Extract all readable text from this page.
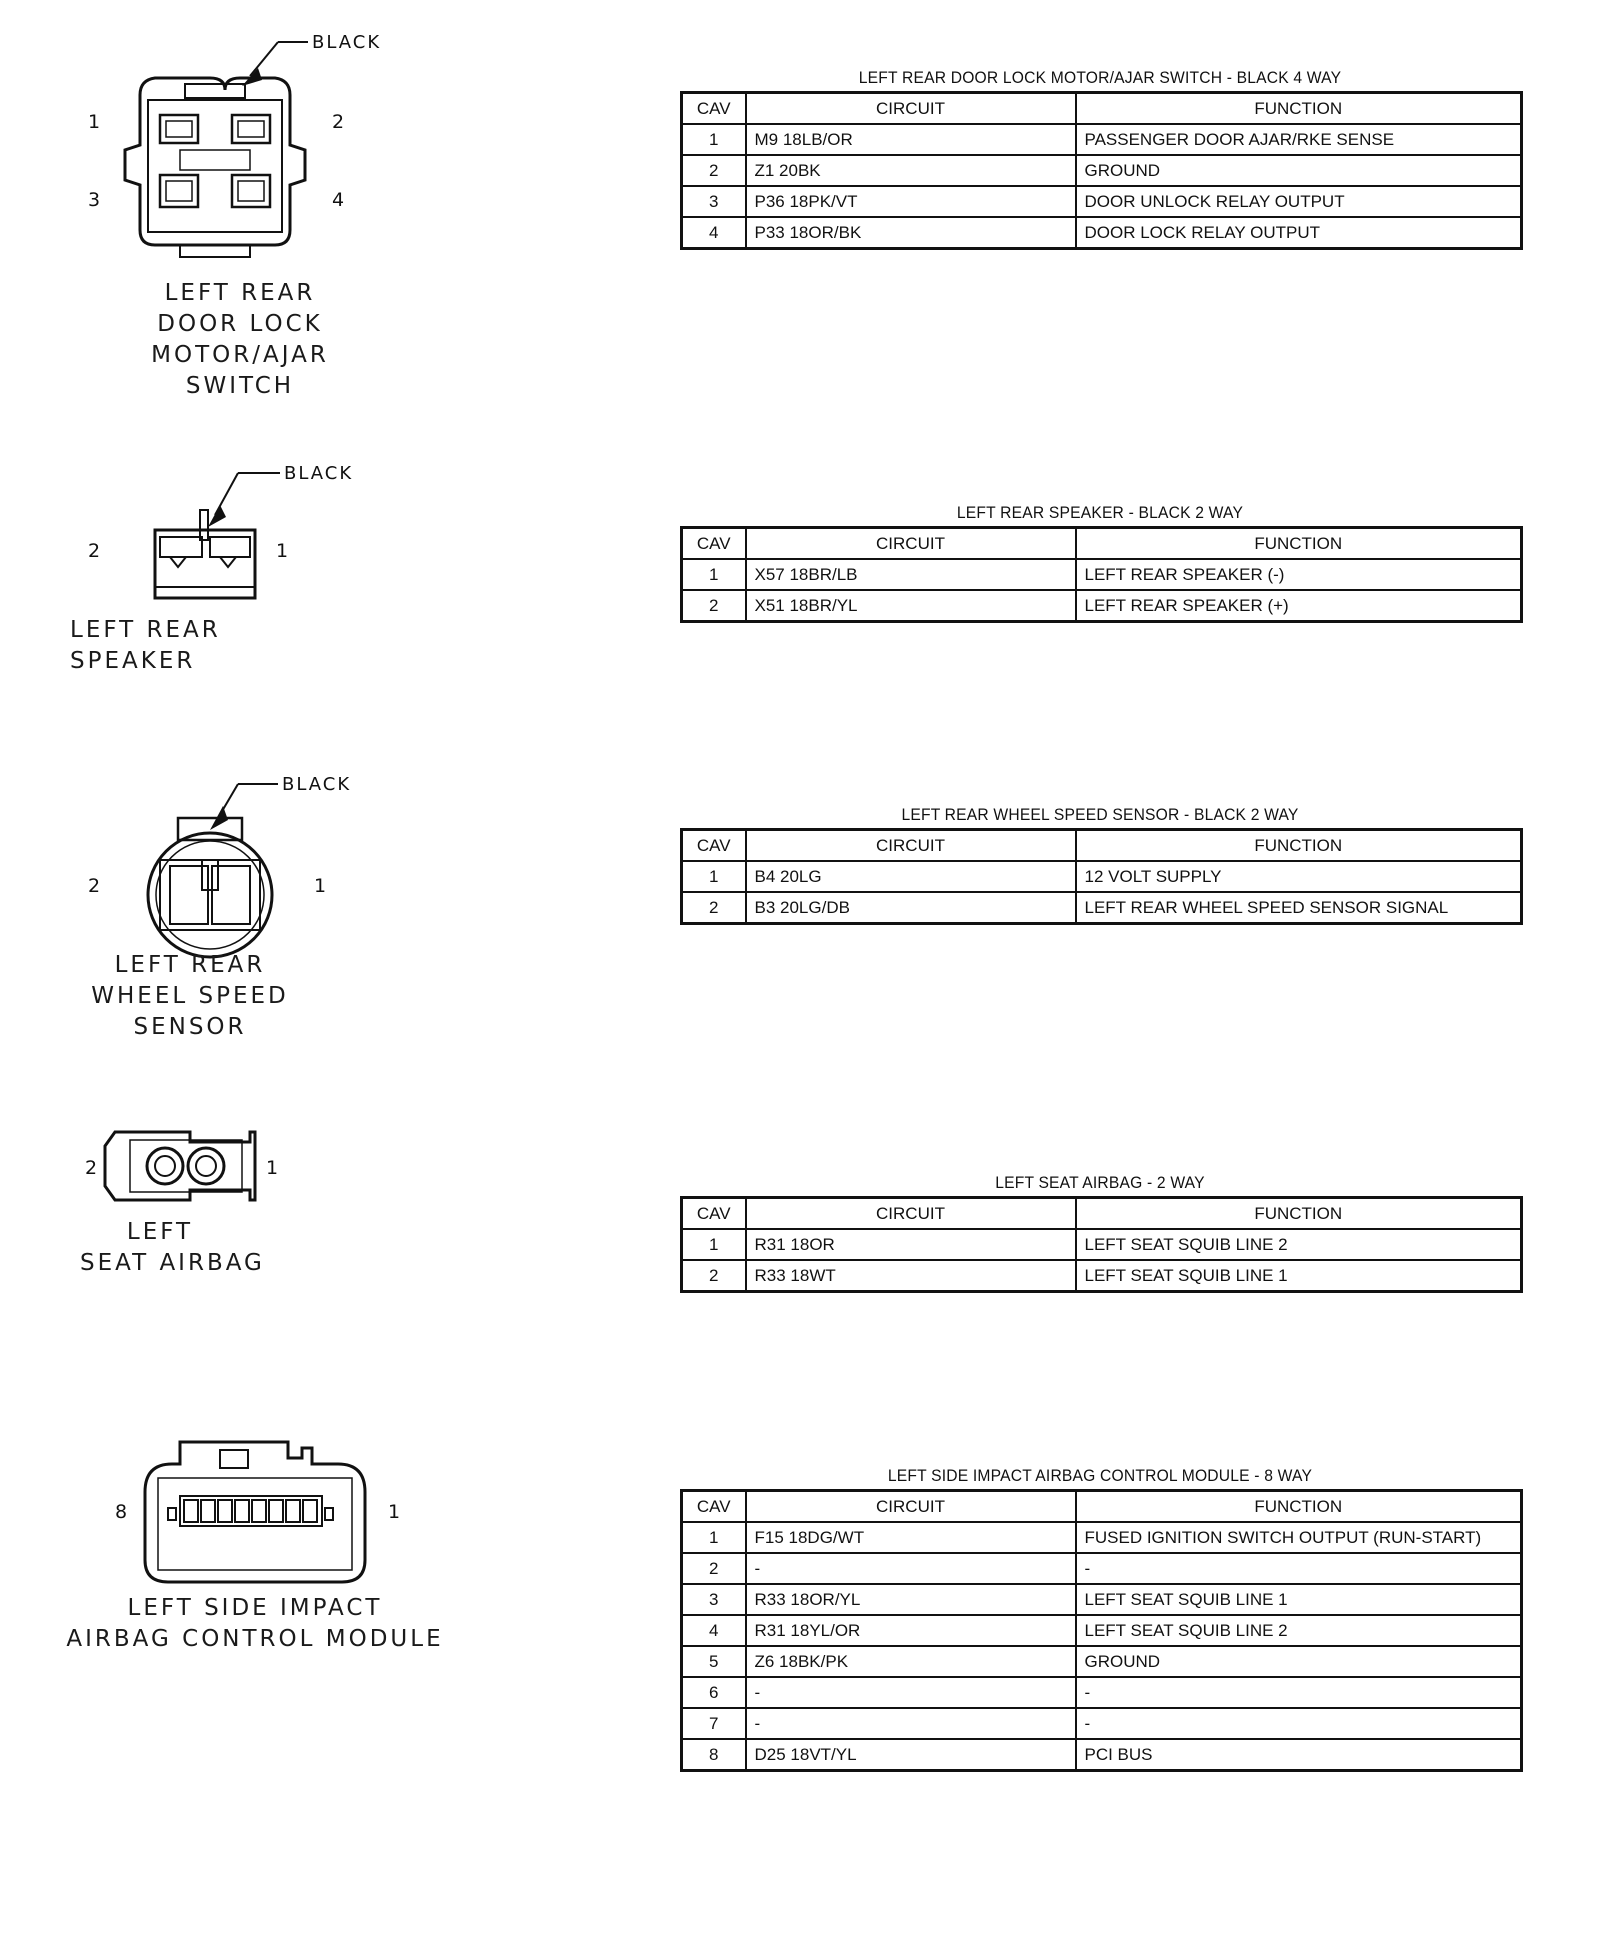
BLACK
1	2
3	4
LEFT REAR
DOOR LOCK
MOTOR/AJAR
SWITCH
LEFT REAR DOOR LOCK MOTOR/AJAR SWITCH - BLACK 4 WAY
CAV	CIRCUIT	FUNCTION
1	M9 18LB/OR	PASSENGER DOOR AJAR/RKE SENSE
2	Z1 20BK	GROUND
3	P36 18PK/VT	DOOR UNLOCK RELAY OUTPUT
4	P33 18OR/BK	DOOR LOCK RELAY OUTPUT
BLACK
2	1
LEFT REAR
SPEAKER
LEFT REAR SPEAKER - BLACK 2 WAY
CAV	CIRCUIT	FUNCTION
1	X57 18BR/LB	LEFT REAR SPEAKER (-)
2	X51 18BR/YL	LEFT REAR SPEAKER (+)
BLACK
2	1
LEFT REAR
WHEEL SPEED
SENSOR
LEFT REAR WHEEL SPEED SENSOR - BLACK 2 WAY
CAV	CIRCUIT	FUNCTION
1	B4 20LG	12 VOLT SUPPLY
2	B3 20LG/DB	LEFT REAR WHEEL SPEED SENSOR SIGNAL
2	1
LEFT
SEAT AIRBAG
LEFT SEAT AIRBAG - 2 WAY
CAV	CIRCUIT	FUNCTION
1	R31 18OR	LEFT SEAT SQUIB LINE 2
2	R33 18WT	LEFT SEAT SQUIB LINE 1
8	1
LEFT SIDE IMPACT
AIRBAG CONTROL MODULE
LEFT SIDE IMPACT AIRBAG CONTROL MODULE - 8 WAY
CAV	CIRCUIT	FUNCTION
1	F15 18DG/WT	FUSED IGNITION SWITCH OUTPUT (RUN-START)
2	-	-
3	R33 18OR/YL	LEFT SEAT SQUIB LINE 1
4	R31 18YL/OR	LEFT SEAT SQUIB LINE 2
5	Z6 18BK/PK	GROUND
6	-	-
7	-	-
8	D25 18VT/YL	PCI BUS
